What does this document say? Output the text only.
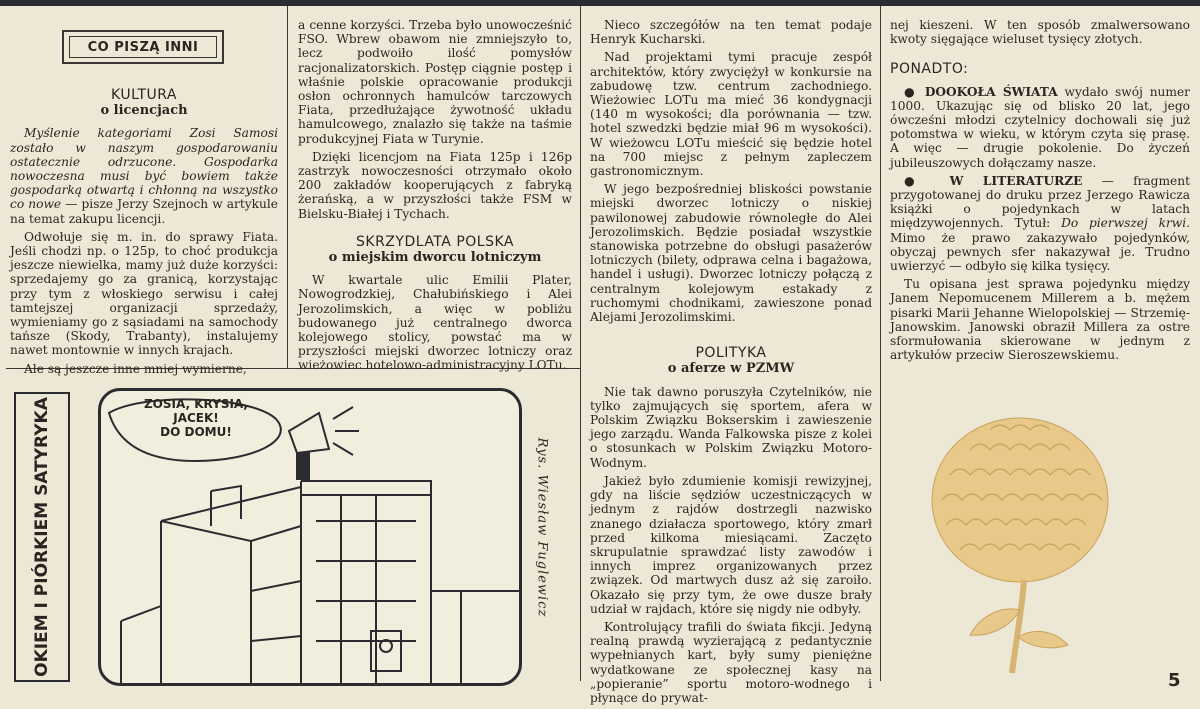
CO PISZĄ INNI
KULTURA
o licencjach

Myślenie kategoriami Zosi Samosi zostało w naszym gospodarowaniu ostatecznie odrzucone. Gospodarka nowoczesna musi być bowiem także gospodarką otwartą i chłonną na wszystko co nowe — pisze Jerzy Szejnoch w artykule na temat zakupu licencji.

Odwołuje się m. in. do sprawy Fiata. Jeśli chodzi np. o 125p, to choć produkcja jeszcze niewielka, mamy już duże korzyści: sprzedajemy go za granicą, korzystając przy tym z włoskiego serwisu i całej tamtejszej organizacji sprzedaży, wymieniamy go z sąsiadami na samochody tańsze (Skody, Trabanty), instalujemy nawet montownie w innych krajach.

Ale są jeszcze inne mniej wymierne,

a cenne korzyści. Trzeba było unowocześnić FSO. Wbrew obawom nie zmniejszyło to, lecz podwoiło ilość pomysłów racjonalizatorskich. Postęp ciągnie postęp i właśnie polskie opracowanie produkcji osłon ochronnych hamulców tarczowych Fiata, przedłużające żywotność układu hamulcowego, znalazło się także na taśmie produkcyjnej Fiata w Turynie.

Dzięki licencjom na Fiata 125p i 126p zastrzyk nowoczesności otrzymało około 200 zakładów kooperujących z fabryką żerańską, a w przyszłości także FSM w Bielsku-Białej i Tychach.

SKRZYDLATA POLSKA
o miejskim dworcu lotniczym

W kwartale ulic Emilii Plater, Nowogrodzkiej, Chałubińskiego i Alei Jerozolimskich, a więc w pobliżu budowanego już centralnego dworca kolejowego stolicy, powstać ma w przyszłości miejski dworzec lotniczy oraz wieżowiec hotelowo-administracyjny LOTu.

Nieco szczegółów na ten temat podaje Henryk Kucharski.

Nad projektami tymi pracuje zespół architektów, który zwyciężył w konkursie na zabudowę tzw. centrum zachodniego. Wieżowiec LOTu ma mieć 36 kondygnacji (140 m wysokości; dla porównania — tzw. hotel szwedzki będzie miał 96 m wysokości). W wieżowcu LOTu mieścić się będzie hotel na 700 miejsc z pełnym zapleczem gastronomicznym.

W jego bezpośredniej bliskości powstanie miejski dworzec lotniczy o niskiej pawilonowej zabudowie równoległe do Alei Jerozolimskich. Będzie posiadał wszystkie stanowiska potrzebne do obsługi pasażerów lotniczych (bilety, odprawa celna i bagażowa, handel i usługi). Dworzec lotniczy połączą z centralnym kolejowym estakady z ruchomymi chodnikami, zawieszone ponad Alejami Jerozolimskimi.

POLITYKA
o aferze w PZMW

Nie tak dawno poruszyła Czytelników, nie tylko zajmujących się sportem, afera w Polskim Związku Bokserskim i zawieszenie jego zarządu. Wanda Falkowska pisze z kolei o stosunkach w Polskim Związku Motoro-Wodnym.

Jakież było zdumienie komisji rewizyjnej, gdy na liście sędziów uczestniczących w jednym z rajdów dostrzegli nazwisko znanego działacza sportowego, który zmarł przed kilkoma miesiącami. Zaczęto skrupulatnie sprawdzać listy zawodów i innych imprez organizowanych przez związek. Od martwych dusz aż się zaroiło. Okazało się przy tym, że owe dusze brały udział w rajdach, które się nigdy nie odbyły.

Kontrolujący trafili do świata fikcji. Jedyną realną prawdą wyzierającą z pedantycznie wypełnianych kart, były sumy pieniężne wydatkowane ze społecznej kasy na „popieranie” sportu motoro-wodnego i płynące do prywat-

nej kieszeni. W ten sposób zmalwersowano kwoty sięgające wieluset tysięcy złotych.

PONADTO:

● DOOKOŁA ŚWIATA wydało swój numer 1000. Ukazując się od blisko 20 lat, jego ówcześni młodzi czytelnicy dochowali się już potomstwa w wieku, w którym czyta się prasę. A więc — drugie pokolenie. Do życzeń jubileuszowych dołączamy nasze.

● W LITERATURZE — fragment przygotowanej do druku przez Jerzego Rawicza książki o pojedynkach w latach międzywojennych. Tytuł: Do pierwszej krwi. Mimo że prawo zakazywało pojedynków, obyczaj pewnych sfer nakazywał je. Trudno uwierzyć — odbyło się kilka tysięcy.

Tu opisana jest sprawa pojedynku między Janem Nepomucenem Millerem a b. mężem pisarki Marii Jehanne Wielopolskiej — Strzemię-Janowskim. Janowski obraził Millera za ostre sformułowania skierowane w jednym z artykułów przeciw Sieroszewskiemu.

OKIEM I PIÓRKIEM SATYRYKA	ZOSIA, KRYSIA,
JACEK!
DO DOMU!
Rys. Wiesław Fuglewicz
5
